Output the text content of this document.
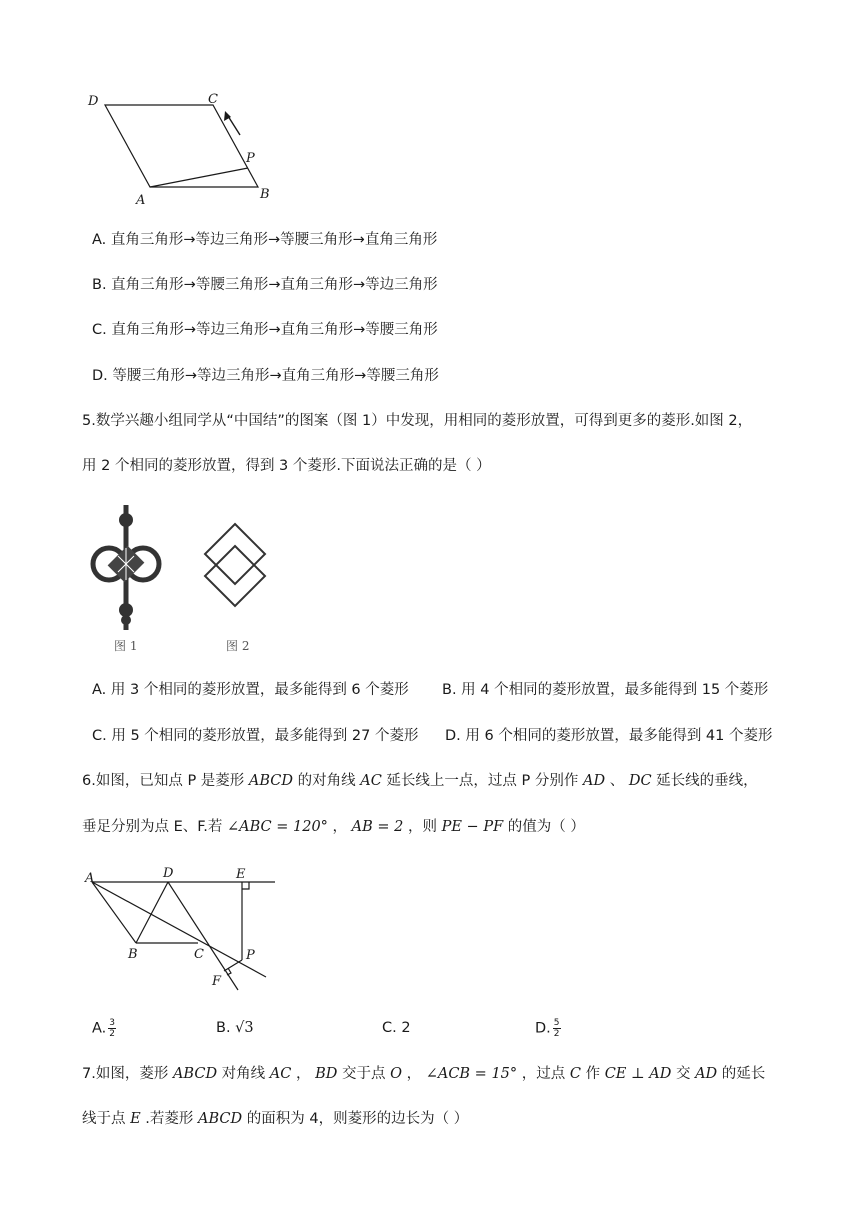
D	C
P
A	B
A. 直角三角形→等边三角形→等腰三角形→直角三角形
B. 直角三角形→等腰三角形→直角三角形→等边三角形
C. 直角三角形→等边三角形→直角三角形→等腰三角形
D. 等腰三角形→等边三角形→直角三角形→等腰三角形
5.数学兴趣小组同学从“中国结”的图案（图 1）中发现，用相同的菱形放置，可得到更多的菱形.如图 2，
用 2 个相同的菱形放置，得到 3 个菱形.下面说法正确的是（ ）
图 1	图 2
A. 用 3 个相同的菱形放置，最多能得到 6 个菱形 B. 用 4 个相同的菱形放置，最多能得到 15 个菱形
C. 用 5 个相同的菱形放置，最多能得到 27 个菱形 D. 用 6 个相同的菱形放置，最多能得到 41 个菱形
6.如图，已知点 P 是菱形 ABCD 的对角线 AC 延长线上一点，过点 P 分别作 AD 、 DC 延长线的垂线，
垂足分别为点 E、F.若 ∠ABC = 120° ， AB = 2 ，则 PE − PF 的值为（ ）
A	D	E
B	C	P
F
A. $\frac{3}{2}$	B. √3	C. 2	D. $\frac{5}{2}$
7.如图，菱形 ABCD 对角线 AC ， BD 交于点 O ， ∠ACB = 15° ，过点 C 作 CE ⊥ AD 交 AD 的延长
线于点 E .若菱形 ABCD 的面积为 4，则菱形的边长为（ ）
